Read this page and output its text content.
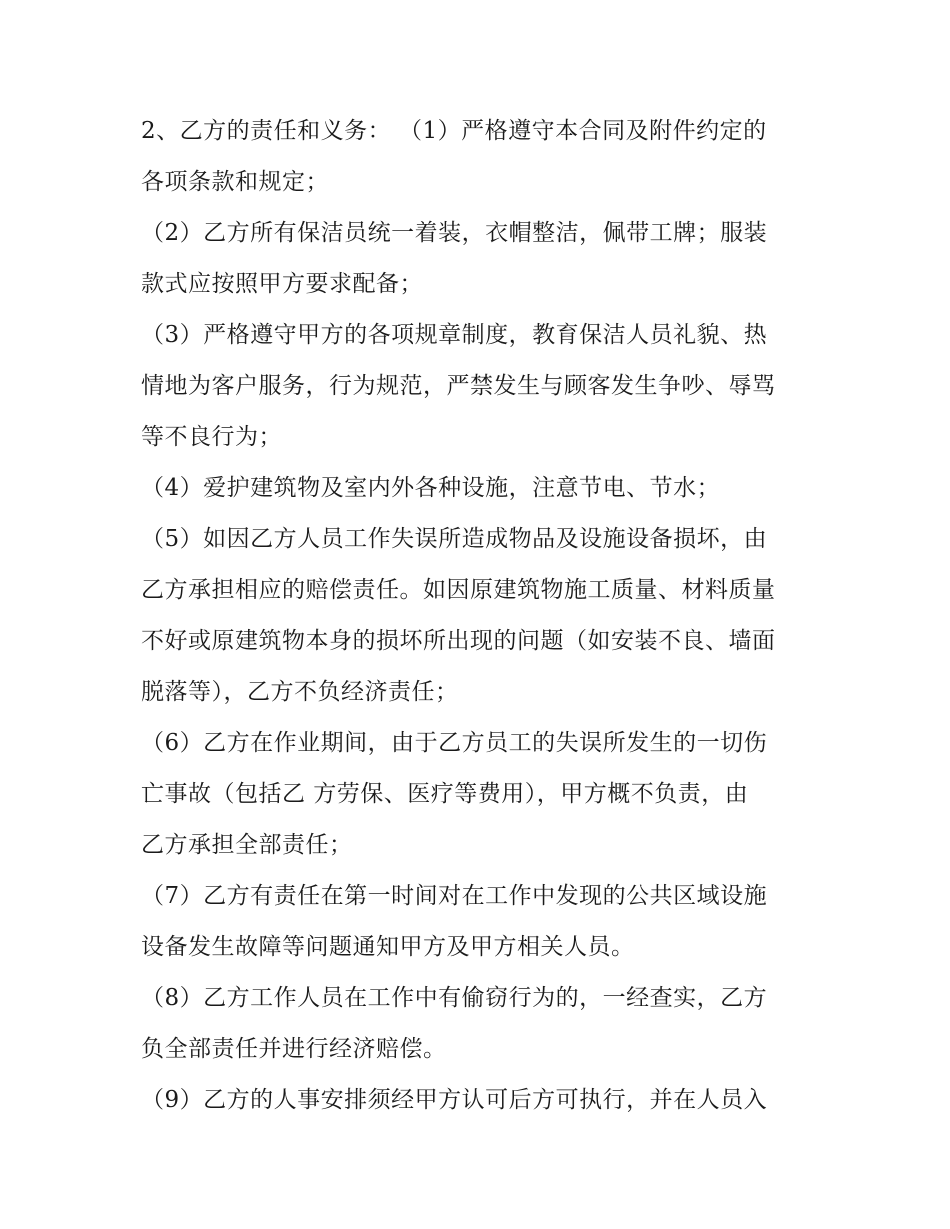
2、乙方的责任和义务： （1）严格遵守本合同及附件约定的

各项条款和规定；

（2）乙方所有保洁员统一着装，衣帽整洁，佩带工牌；服装

款式应按照甲方要求配备；

（3）严格遵守甲方的各项规章制度，教育保洁人员礼貌、热

情地为客户服务，行为规范，严禁发生与顾客发生争吵、辱骂

等不良行为；

（4）爱护建筑物及室内外各种设施，注意节电、节水；

（5）如因乙方人员工作失误所造成物品及设施设备损坏，由

乙方承担相应的赔偿责任。如因原建筑物施工质量、材料质量

不好或原建筑物本身的损坏所出现的问题（如安装不良、墙面

脱落等），乙方不负经济责任；

（6）乙方在作业期间，由于乙方员工的失误所发生的一切伤

亡事故（包括乙 方劳保、医疗等费用），甲方概不负责，由

乙方承担全部责任；

（7）乙方有责任在第一时间对在工作中发现的公共区域设施

设备发生故障等问题通知甲方及甲方相关人员。

（8）乙方工作人员在工作中有偷窃行为的，一经查实，乙方

负全部责任并进行经济赔偿。

（9）乙方的人事安排须经甲方认可后方可执行，并在人员入
